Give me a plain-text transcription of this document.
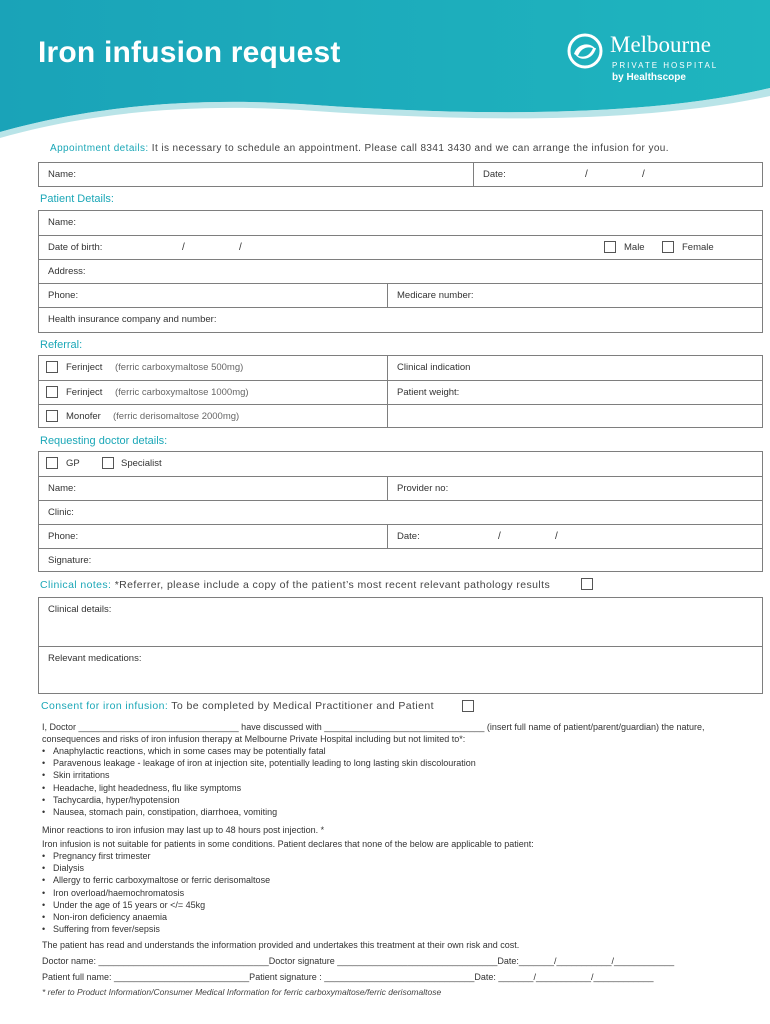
Iron infusion request	Melbourne
PRIVATE HOSPITAL
by Healthscope
Appointment details: It is necessary to schedule an appointment. Please call 8341 3430 and we can arrange the infusion for you.
Name:	Date:	/	/
Patient Details:
Name:
Date of birth:	/	/	Male	Female
Address:
Phone:	Medicare number:
Health insurance company and number:
Referral:
Ferinject (ferric carboxymaltose 500mg)	Clinical indication
Ferinject (ferric carboxymaltose 1000mg)	Patient weight:
Monofer (ferric derisomaltose 2000mg)
Requesting doctor details:
GP	Specialist
Name:	Provider no:
Clinic:
Phone:	Date:	/	/
Signature:
Clinical notes: *Referrer, please include a copy of the patient’s most recent relevant pathology results
Clinical details:
Relevant medications:
Consent for iron infusion: To be completed by Medical Practitioner and Patient
I, Doctor ________________________________ have discussed with ________________________________ (insert full name of patient/parent/guardian) the nature,
consequences and risks of iron infusion therapy at Melbourne Private Hospital including but not limited to*:
• Anaphylactic reactions, which in some cases may be potentially fatal
• Paravenous leakage - leakage of iron at injection site, potentially leading to long lasting skin discolouration
• Skin irritations
• Headache, light headedness, flu like symptoms
• Tachycardia, hyper/hypotension
• Nausea, stomach pain, constipation, diarrhoea, vomiting
Minor reactions to iron infusion may last up to 48 hours post injection. *
Iron infusion is not suitable for patients in some conditions. Patient declares that none of the below are applicable to patient:
• Pregnancy first trimester
• Dialysis
• Allergy to ferric carboxymaltose or ferric derisomaltose
• Iron overload/haemochromatosis
• Under the age of 15 years or </= 45kg
• Non-iron deficiency anaemia
• Suffering from fever/sepsis
The patient has read and understands the information provided and undertakes this treatment at their own risk and cost.
Doctor name: __________________________________Doctor signature ________________________________Date:_______/___________/____________
Patient full name: ___________________________Patient signature : ______________________________Date: _______/___________/____________
* refer to Product Information/Consumer Medical Information for ferric carboxymaltose/ferric derisomaltose
